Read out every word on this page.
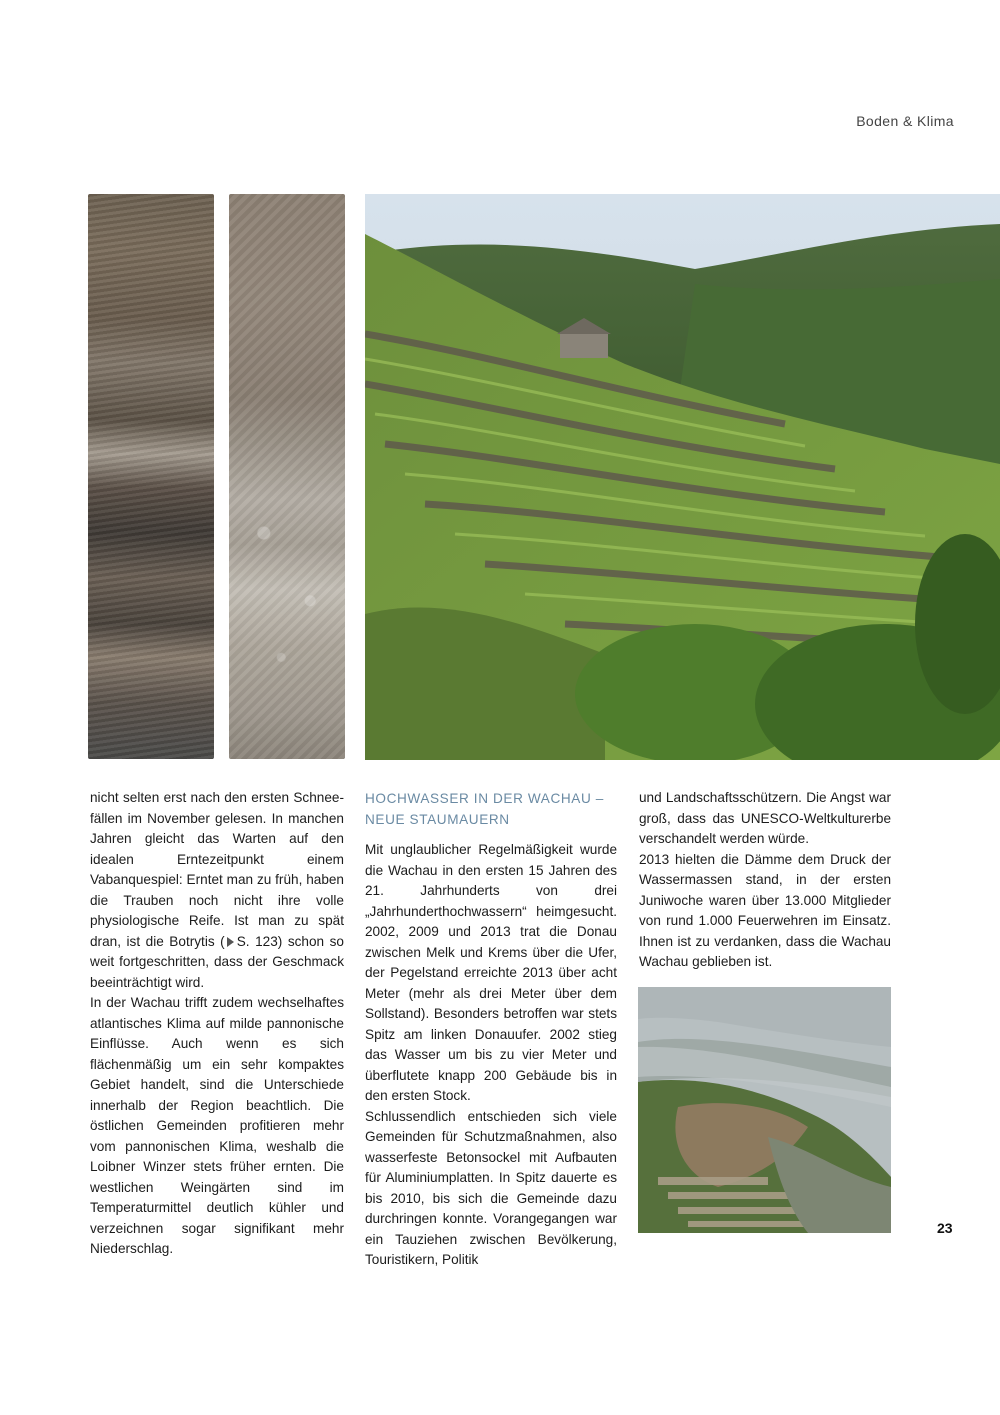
Boden & Klima

nicht selten erst nach den ersten Schnee-fällen im November gelesen. In manchen Jahren gleicht das Warten auf den idealen Erntezeitpunkt einem Vabanquespiel: Erntet man zu früh, haben die Trauben noch nicht ihre volle physiologische Reife. Ist man zu spät dran, ist die Botrytis ( S. 123) schon so weit fortgeschritten, dass der Geschmack beeinträchtigt wird.

In der Wachau trifft zudem wechselhaftes atlantisches Klima auf milde pannonische Einflüsse. Auch wenn es sich flächenmäßig um ein sehr kompaktes Gebiet handelt, sind die Unterschiede innerhalb der Region beachtlich. Die östlichen Gemeinden profitieren mehr vom pannonischen Klima, weshalb die Loibner Winzer stets früher ernten. Die westlichen Weingärten sind im Temperaturmittel deutlich kühler und verzeichnen sogar signifikant mehr Niederschlag.

HOCHWASSER IN DER WACHAU –
NEUE STAUMAUERN

Mit unglaublicher Regelmäßigkeit wurde die Wachau in den ersten 15 Jahren des 21. Jahrhunderts von drei „Jahrhunderthochwassern“ heimgesucht. 2002, 2009 und 2013 trat die Donau zwischen Melk und Krems über die Ufer, der Pegelstand erreichte 2013 über acht Meter (mehr als drei Meter über dem Sollstand). Besonders betroffen war stets Spitz am linken Donauufer. 2002 stieg das Wasser um bis zu vier Meter und überflutete knapp 200 Gebäude bis in den ersten Stock.

Schlussendlich entschieden sich viele Gemeinden für Schutzmaßnahmen, also wasserfeste Betonsockel mit Aufbauten für Aluminiumplatten. In Spitz dauerte es bis 2010, bis sich die Gemeinde dazu durchringen konnte. Vorangegangen war ein Tauziehen zwischen Bevölkerung, Touristikern, Politik

und Landschaftsschützern. Die Angst war groß, dass das UNESCO-Weltkulturerbe verschandelt werden würde.

2013 hielten die Dämme dem Druck der Wassermassen stand, in der ersten Juniwoche waren über 13.000 Mitglieder von rund 1.000 Feuerwehren im Einsatz. Ihnen ist zu verdanken, dass die Wachau Wachau geblieben ist.

23
